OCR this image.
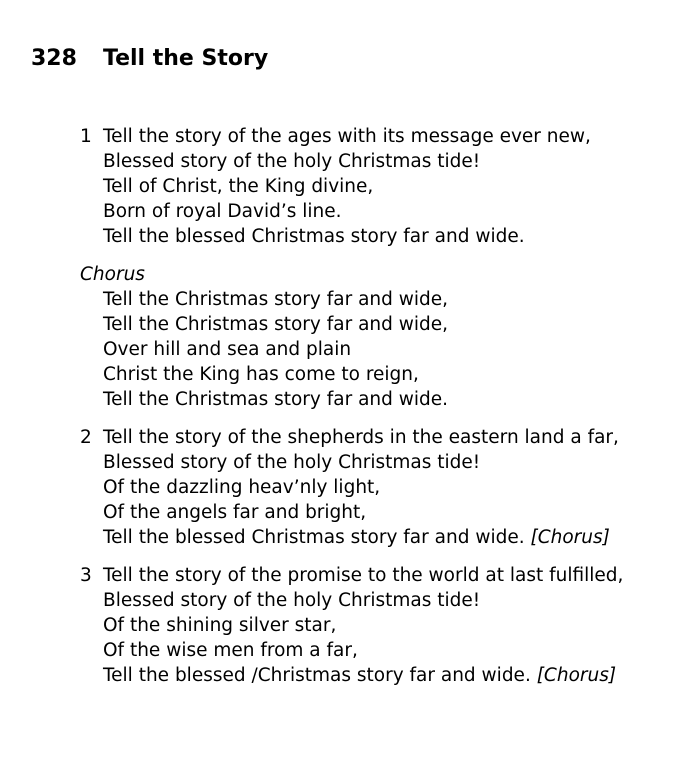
328 Tell the Story
1 Tell the story of the ages with its message ever new,
Blessed story of the holy Christmas tide!
Tell of Christ, the King divine,
Born of royal David’s line.
Tell the blessed Christmas story far and wide.
Chorus
Tell the Christmas story far and wide,
Tell the Christmas story far and wide,
Over hill and sea and plain
Christ the King has come to reign,
Tell the Christmas story far and wide.
2 Tell the story of the shepherds in the eastern land a far,
Blessed story of the holy Christmas tide!
Of the dazzling heav’nly light,
Of the angels far and bright,
Tell the blessed Christmas story far and wide. [Chorus]
3 Tell the story of the promise to the world at last fulfilled,
Blessed story of the holy Christmas tide!
Of the shining silver star,
Of the wise men from a far,
Tell the blessed /Christmas story far and wide. [Chorus]
